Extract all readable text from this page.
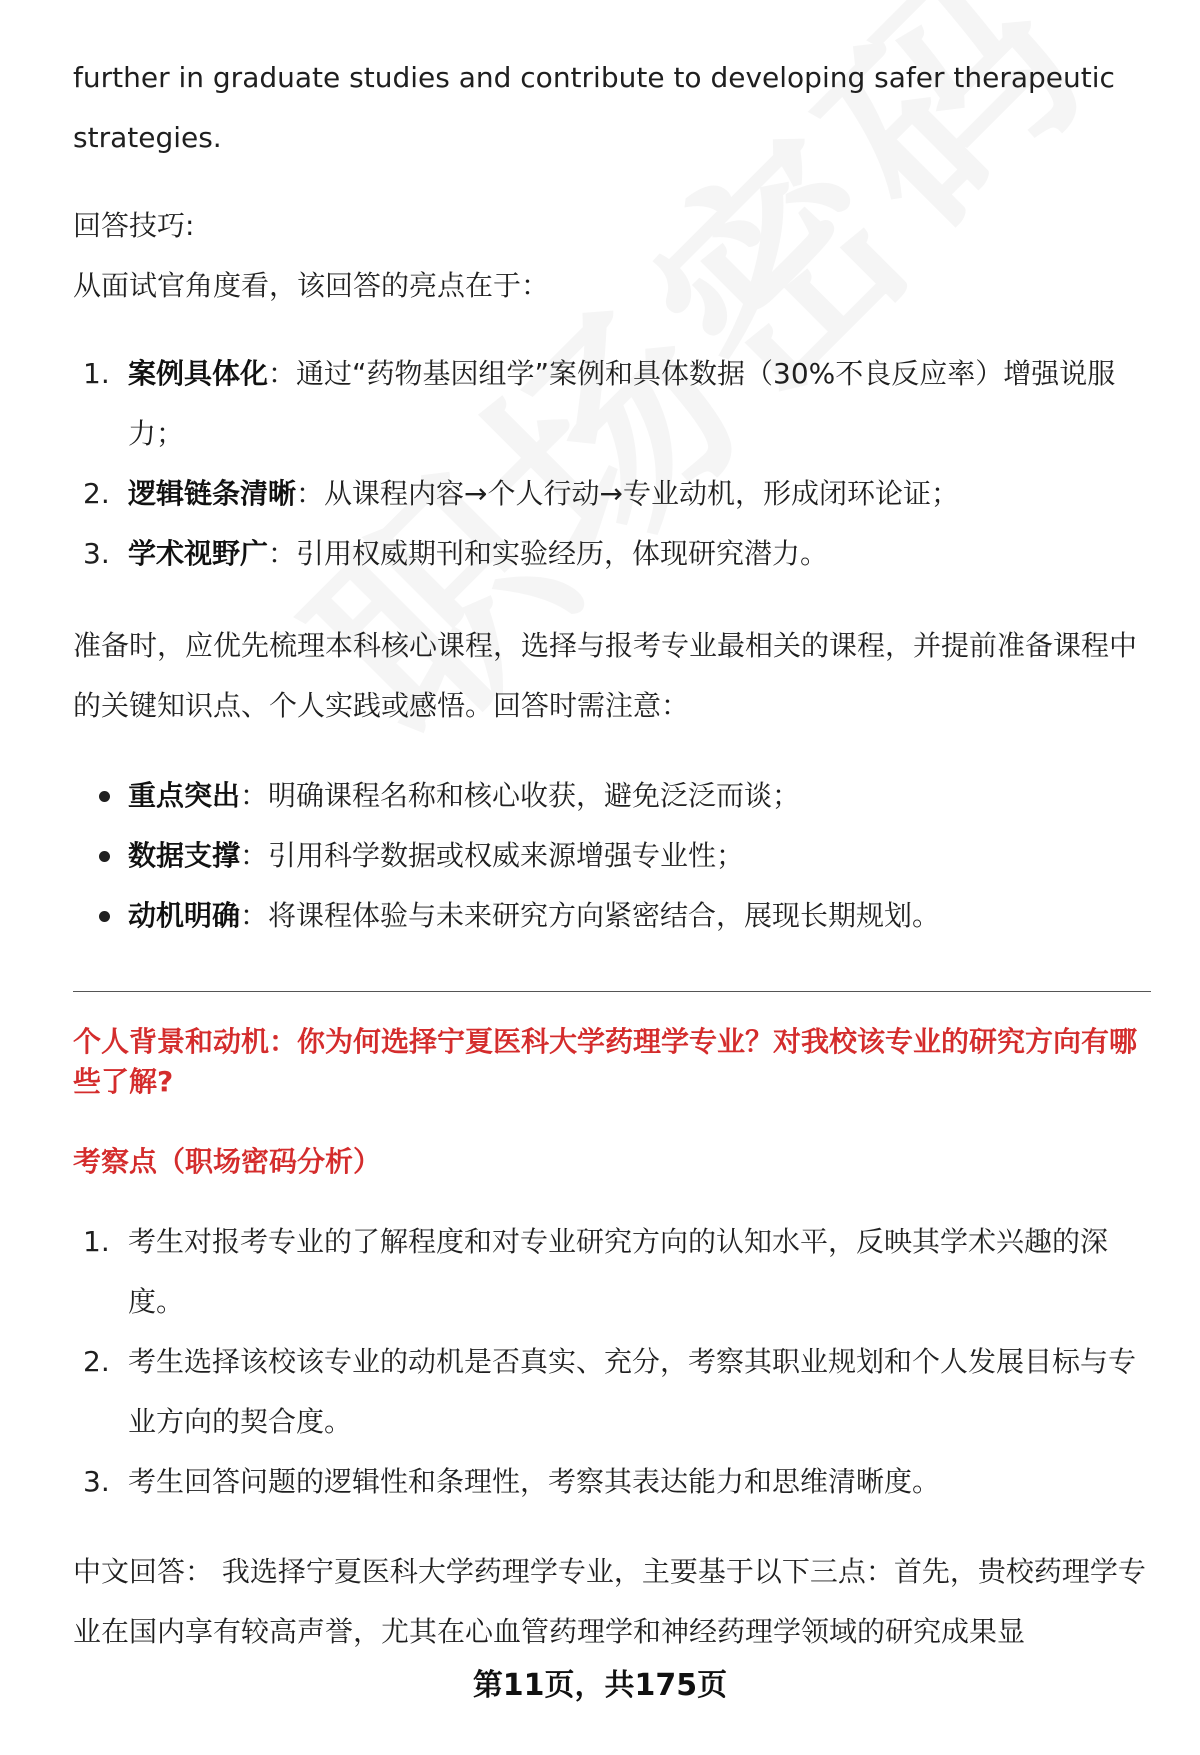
further in graduate studies and contribute to developing safer therapeutic strategies.

回答技巧:

从面试官角度看，该回答的亮点在于：

1. 案例具体化：通过“药物基因组学”案例和具体数据（30%不良反应率）增强说服力；
2. 逻辑链条清晰：从课程内容→个人行动→专业动机，形成闭环论证；
3. 学术视野广：引用权威期刊和实验经历，体现研究潜力。

准备时，应优先梳理本科核心课程，选择与报考专业最相关的课程，并提前准备课程中的关键知识点、个人实践或感悟。回答时需注意：

重点突出：明确课程名称和核心收获，避免泛泛而谈；
数据支撑：引用科学数据或权威来源增强专业性；
动机明确：将课程体验与未来研究方向紧密结合，展现长期规划。

个人背景和动机：你为何选择宁夏医科大学药理学专业？对我校该专业的研究方向有哪些了解?

考察点（职场密码分析）

1. 考生对报考专业的了解程度和对专业研究方向的认知水平，反映其学术兴趣的深度。
2. 考生选择该校该专业的动机是否真实、充分，考察其职业规划和个人发展目标与专业方向的契合度。
3. 考生回答问题的逻辑性和条理性，考察其表达能力和思维清晰度。

中文回答： 我选择宁夏医科大学药理学专业，主要基于以下三点：首先，贵校药理学专业在国内享有较高声誉，尤其在心血管药理学和神经药理学领域的研究成果显

第11页，共175页
